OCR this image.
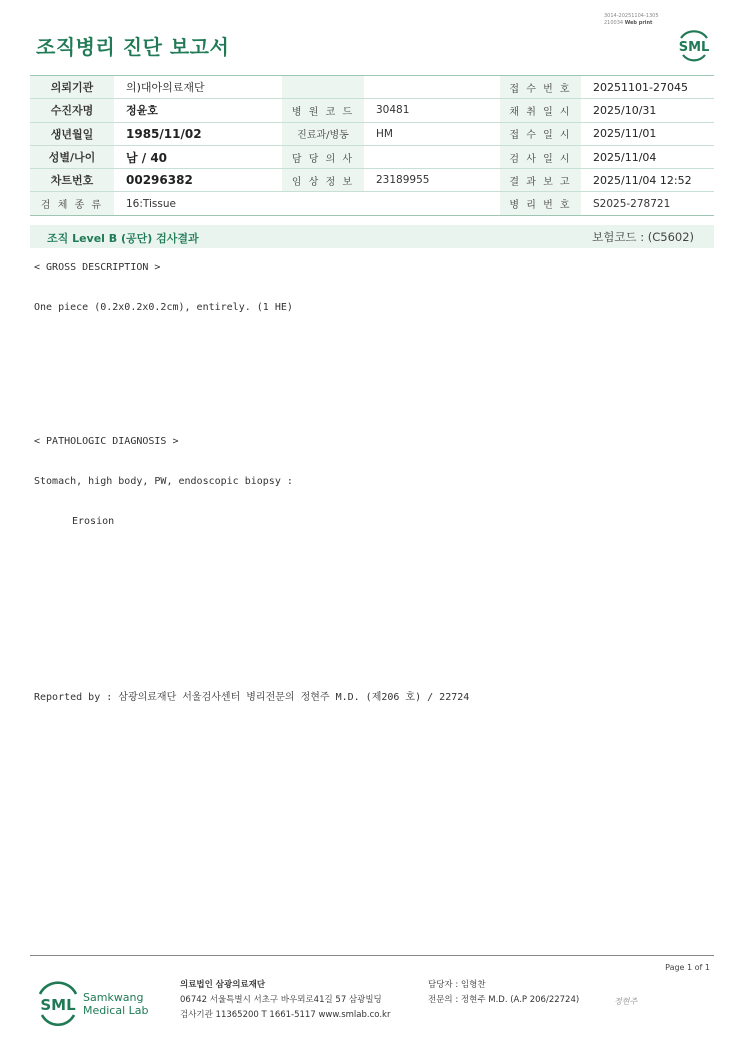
3014-20251104-1305
210034 Web print
조직병리 진단 보고서	SML
의뢰기관	의)대아의료재단			접 수 번 호	20251101-27045
수진자명	정윤호	병 원 코 드	30481	채 취 일 시	2025/10/31
생년월일	1985/11/02	진료과/병동	HM	접 수 일 시	2025/11/01
성별/나이	남 / 40	담 당 의 사		검 사 일 시	2025/11/04
차트번호	00296382	임 상 정 보	23189955	결 과 보 고	2025/11/04 12:52
검 체 종 류	16:Tissue			병 리 번 호	S2025-278721
조직 Level B (공단) 검사결과	보험코드 : (C5602)
< GROSS DESCRIPTION >
One piece (0.2x0.2x0.2cm), entirely. (1 HE)
< PATHOLOGIC DIAGNOSIS >
Stomach, high body, PW, endoscopic biopsy :
Erosion
Reported by : 삼광의료재단 서울검사센터 병리전문의 정현주 M.D. (제206 호) / 22724
Page 1 of 1
SML Samkwang
Medical Lab
의료법인 삼광의료재단
06742 서울특별시 서초구 바우뫼로41길 57 삼광빌딩
검사기관 11365200 T 1661-5117 www.smlab.co.kr
담당자 : 임형찬
전문의 : 정현주 M.D. (A.P 206/22724)	정현주
